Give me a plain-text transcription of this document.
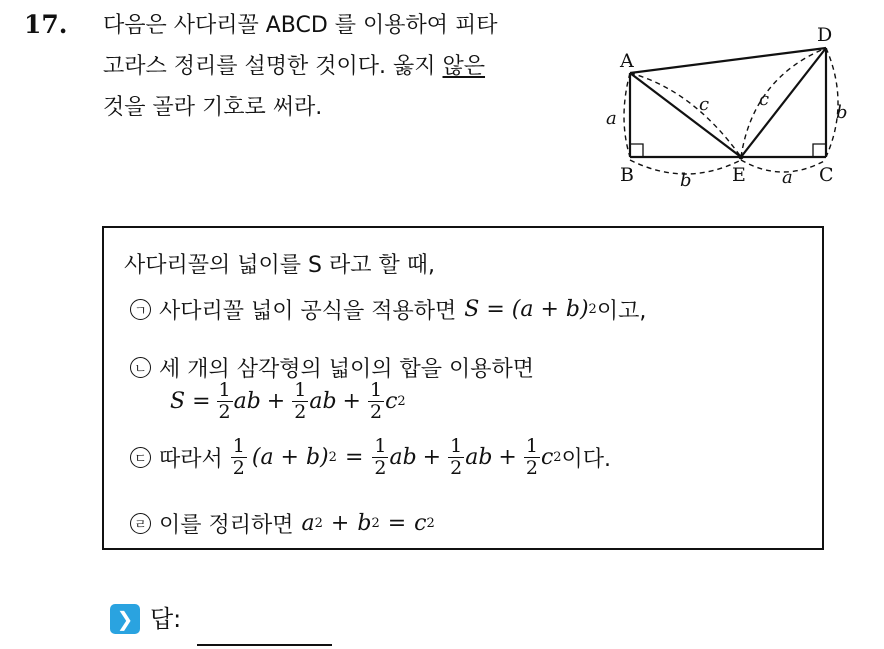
17. 다음은 사다리꼴 ABCD 를 이용하여 피타
고라스 정리를 설명한 것이다. 옳지 않은
것을 골라 기호로 써라.
A
B	C
D
E
a	b
c	c
b	a
사다리꼴의 넓이를 S 라고 할 때,
ㄱ 사다리꼴 넓이 공식을 적용하면 S = (a + b) 2 이고,
ㄴ 세 개의 삼각형의 넓이의 합을 이용하면
$S = \frac{1}{2}$ ab + $\frac{1}{2}$ ab + $\frac{1}{2}$ c 2
ㄷ 따라서 $\frac{1}{2} (a + b) 2 = \frac{1}{2}$ ab + $\frac{1}{2}$ ab + $\frac{1}{2}$ c 2 이다.
ㄹ 이를 정리하면 a 2 + b 2 = c 2
❯ 답:
